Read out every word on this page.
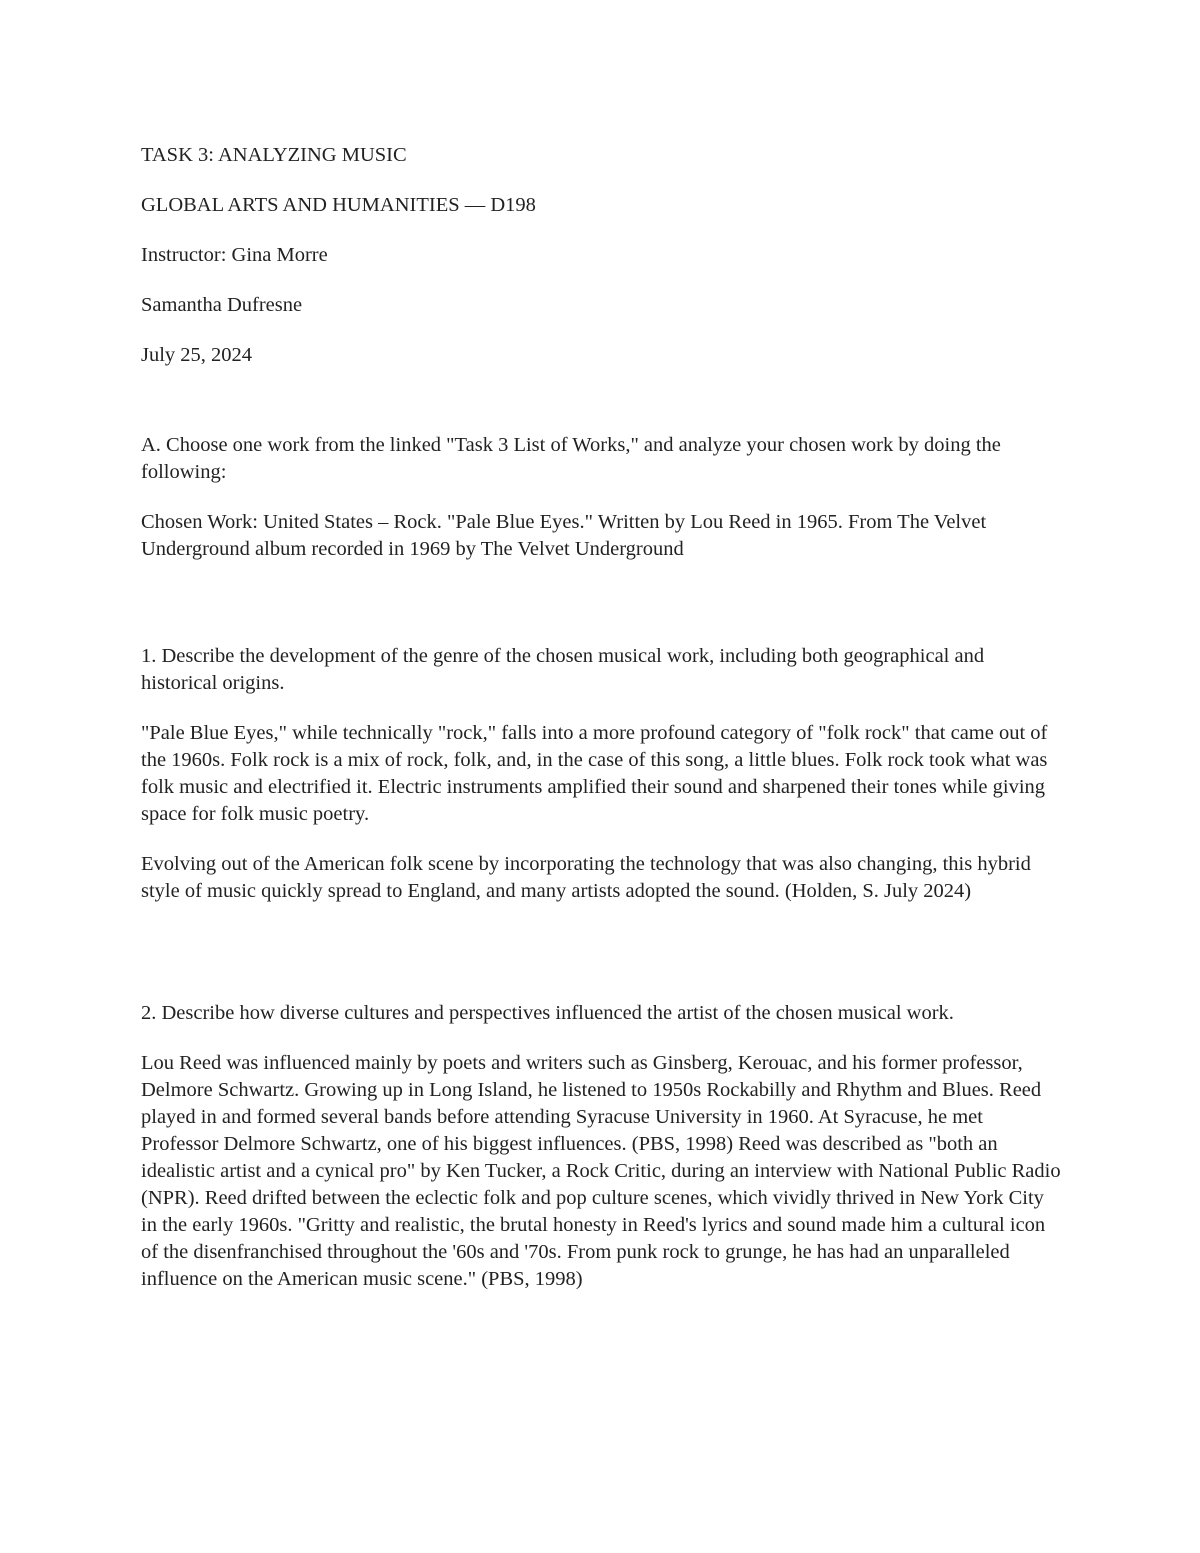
TASK 3: ANALYZING MUSIC

GLOBAL ARTS AND HUMANITIES — D198

Instructor: Gina Morre

Samantha Dufresne

July 25, 2024

A. Choose one work from the linked "Task 3 List of Works," and analyze your chosen work by doing the following:

Chosen Work: United States – Rock. "Pale Blue Eyes." Written by Lou Reed in 1965. From The Velvet Underground album recorded in 1969 by The Velvet Underground

1. Describe the development of the genre of the chosen musical work, including both geographical and historical origins.

"Pale Blue Eyes," while technically "rock," falls into a more profound category of "folk rock" that came out of the 1960s. Folk rock is a mix of rock, folk, and, in the case of this song, a little blues. Folk rock took what was folk music and electrified it. Electric instruments amplified their sound and sharpened their tones while giving space for folk music poetry.

Evolving out of the American folk scene by incorporating the technology that was also changing, this hybrid style of music quickly spread to England, and many artists adopted the sound. (Holden, S. July 2024)

2. Describe how diverse cultures and perspectives influenced the artist of the chosen musical work.

Lou Reed was influenced mainly by poets and writers such as Ginsberg, Kerouac, and his former professor, Delmore Schwartz. Growing up in Long Island, he listened to 1950s Rockabilly and Rhythm and Blues. Reed played in and formed several bands before attending Syracuse University in 1960. At Syracuse, he met Professor Delmore Schwartz, one of his biggest influences. (PBS, 1998) Reed was described as "both an idealistic artist and a cynical pro" by Ken Tucker, a Rock Critic, during an interview with National Public Radio (NPR). Reed drifted between the eclectic folk and pop culture scenes, which vividly thrived in New York City in the early 1960s. "Gritty and realistic, the brutal honesty in Reed's lyrics and sound made him a cultural icon of the disenfranchised throughout the '60s and '70s. From punk rock to grunge, he has had an unparalleled influence on the American music scene." (PBS, 1998)
